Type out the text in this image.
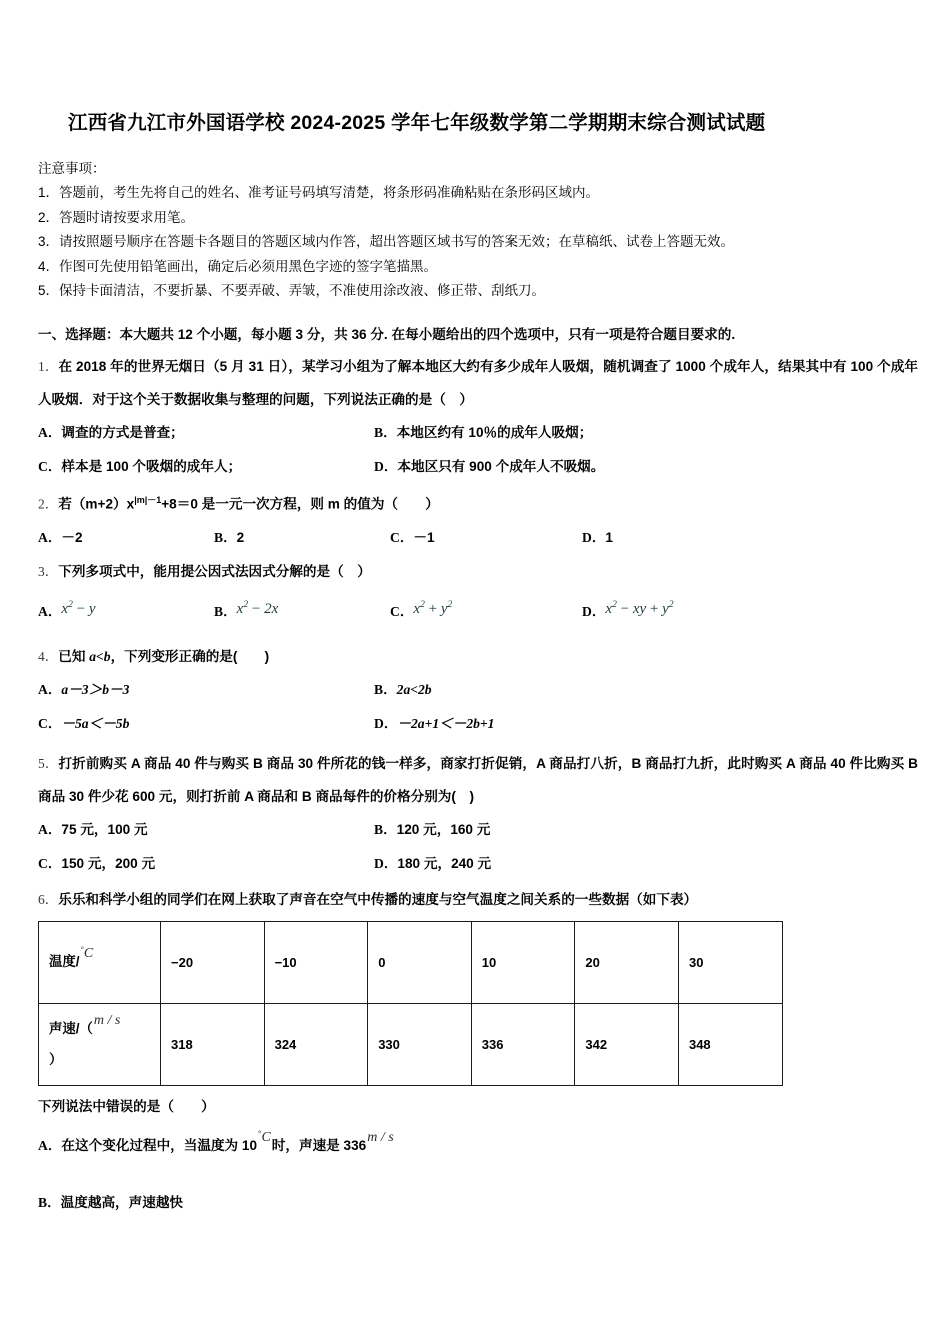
江西省九江市外国语学校 2024-2025 学年七年级数学第二学期期末综合测试试题
注意事项：
1．答题前，考生先将自己的姓名、准考证号码填写清楚，将条形码准确粘贴在条形码区域内。
2．答题时请按要求用笔。
3．请按照题号顺序在答题卡各题目的答题区域内作答，超出答题区域书写的答案无效；在草稿纸、试卷上答题无效。
4．作图可先使用铅笔画出，确定后必须用黑色字迹的签字笔描黑。
5．保持卡面清洁，不要折暴、不要弄破、弄皱，不准使用涂改液、修正带、刮纸刀。
一、选择题：本大题共 12 个小题，每小题 3 分，共 36 分. 在每小题给出的四个选项中，只有一项是符合题目要求的.
1．在 2018 年的世界无烟日（5 月 31 日），某学习小组为了解本地区大约有多少成年人吸烟，随机调查了 1000 个成年人，结果其中有 100 个成年人吸烟．对于这个关于数据收集与整理的问题，下列说法正确的是（　）
A．调查的方式是普查；	B．本地区约有 10％的成年人吸烟；
C．样本是 100 个吸烟的成年人；	D．本地区只有 900 个成年人不吸烟。
2．若$(m+2)x^{|m|-1}+8=0$ 是一元一次方程，则 m 的值为（　　）
A．－2	B．2	C．－1	D．1
3．下列多项式中，能用提公因式法因式分解的是（　）
A．$x^2 - y$	B．$x^2 - 2x$	C．$x^2 + y^2$	D．$x^2$ − xy + $y^2$
4．已知 a<b，下列变形正确的是(　　)
A．a－3＞b－3	B．2a<2b
C．－5a＜－5b	D．－2a+1＜－2b+1
5．打折前购买 A 商品 40 件与购买 B 商品 30 件所花的钱一样多，商家打折促销，A 商品打八折，B 商品打九折，此时购买 A 商品 40 件比购买 B 商品 30 件少花 600 元，则打折前 A 商品和 B 商品每件的价格分别为(　)
A．75 元，100 元	B．120 元，160 元
C．150 元，200 元	D．180 元，240 元
6．乐乐和科学小组的同学们在网上获取了声音在空气中传播的速度与空气温度之间关系的一些数据（如下表）
温度/°C	−20	−10	0	10	20	30

声速/（m / s
）	318	324	330	336	342	348
下列说法中错误的是（　　）
A．在这个变化过程中，当温度为 10°C时，声速是 336m / s
B．温度越高，声速越快
